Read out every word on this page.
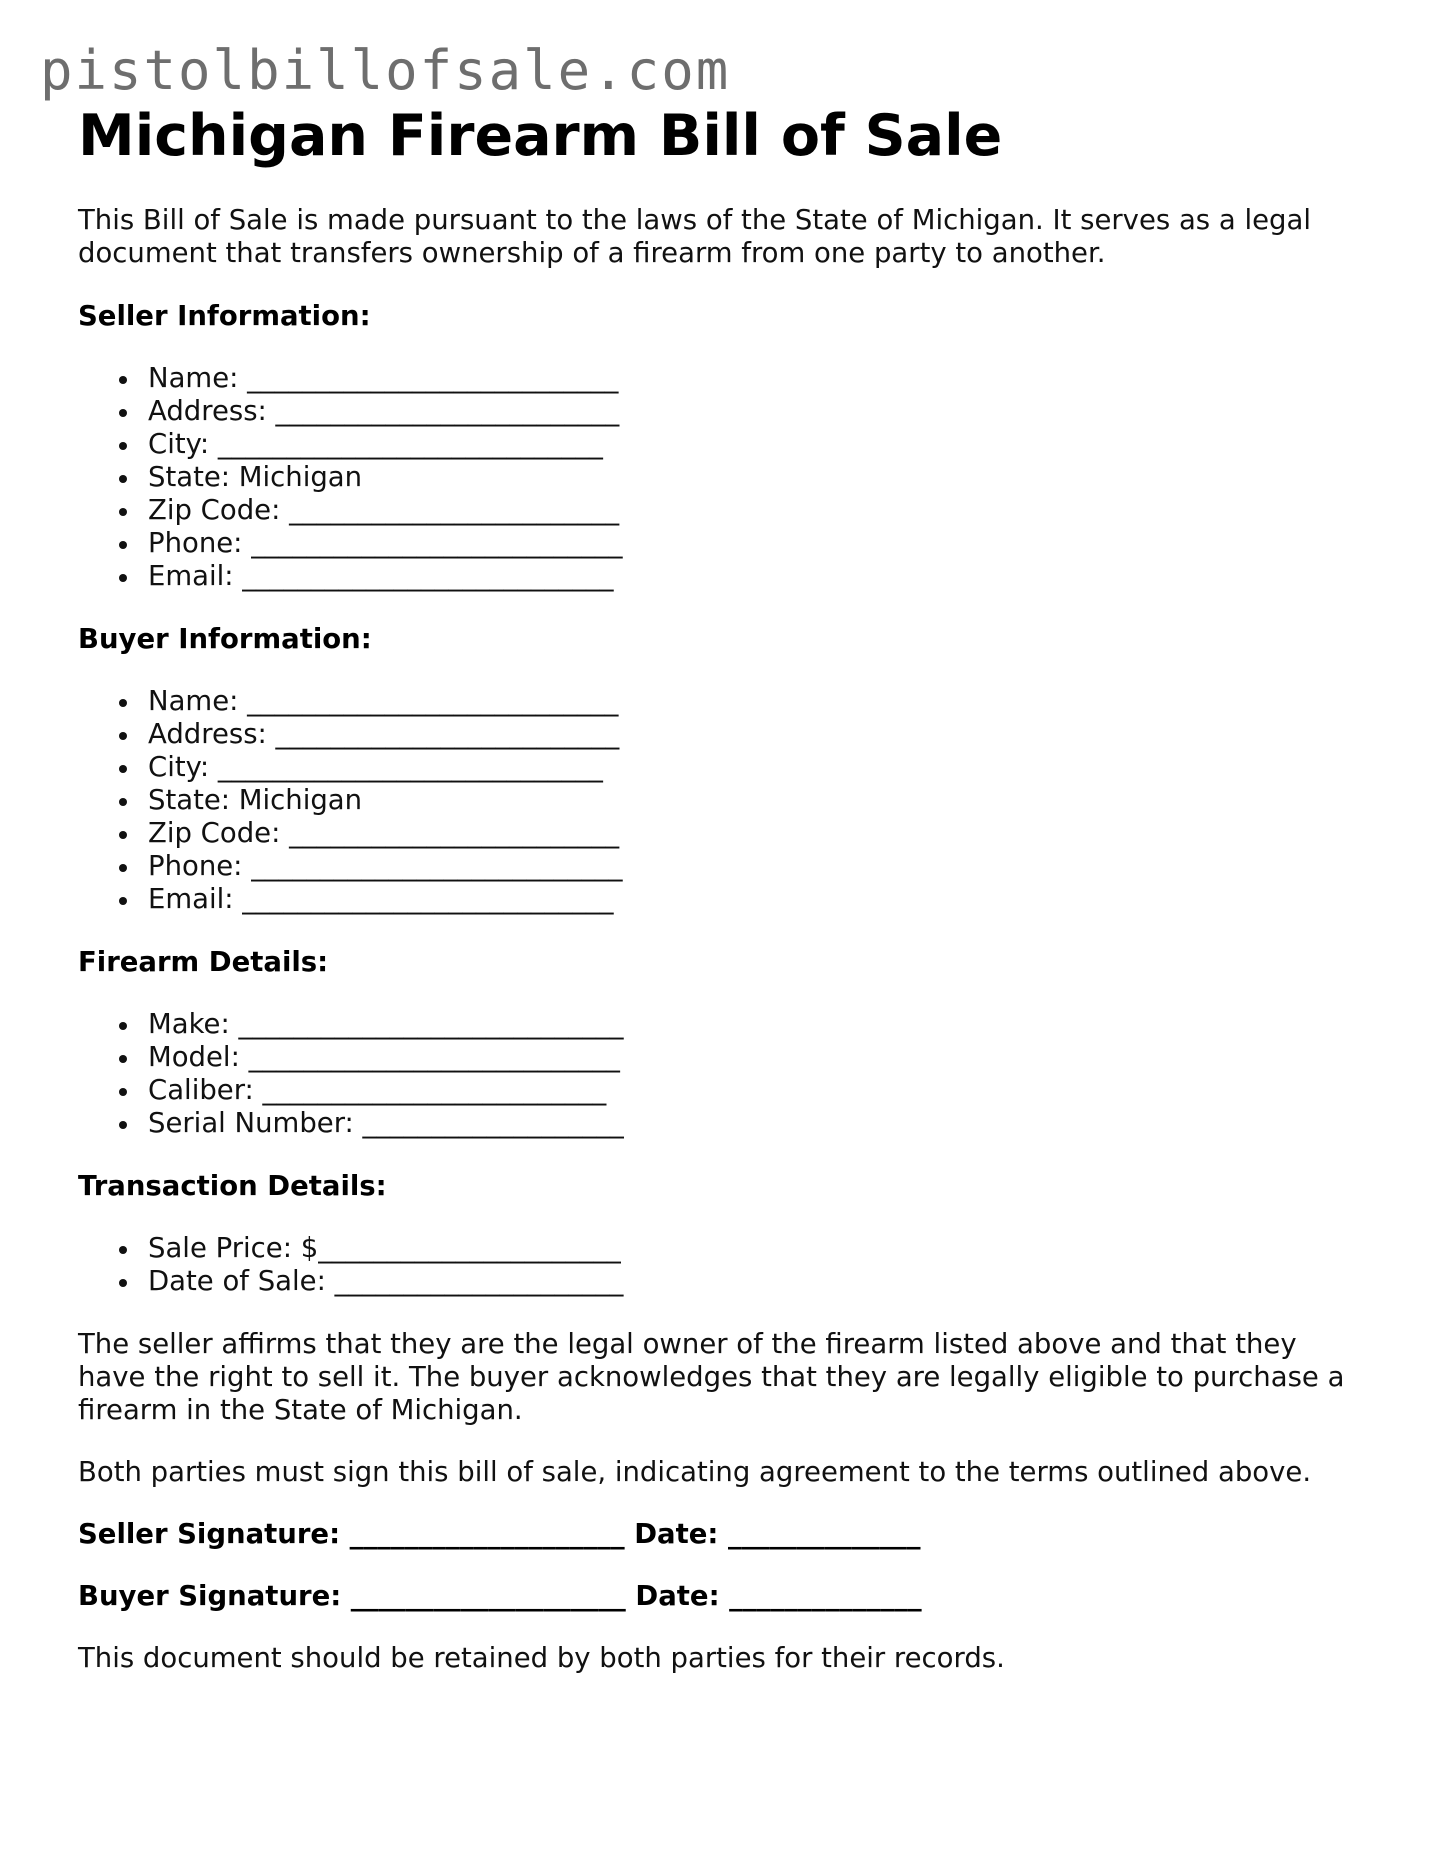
pistolbillofsale.com
Michigan Firearm Bill of Sale

This Bill of Sale is made pursuant to the laws of the State of Michigan. It serves as a legal document that transfers ownership of a firearm from one party to another.

Seller Information:
Name: ___________________________
Address: _________________________
City: ____________________________
State: Michigan
Zip Code: ________________________
Phone: ___________________________
Email: ___________________________
Buyer Information:
Name: ___________________________
Address: _________________________
City: ____________________________
State: Michigan
Zip Code: ________________________
Phone: ___________________________
Email: ___________________________
Firearm Details:
Make: ____________________________
Model: ___________________________
Caliber: _________________________
Serial Number: ___________________
Transaction Details:
Sale Price: $______________________
Date of Sale: _____________________

The seller affirms that they are the legal owner of the firearm listed above and that they have the right to sell it. The buyer acknowledges that they are legally eligible to purchase a firearm in the State of Michigan.

Both parties must sign this bill of sale, indicating agreement to the terms outlined above.

Seller Signature: ____________________ Date: ______________
Buyer Signature: ____________________ Date: ______________

This document should be retained by both parties for their records.
